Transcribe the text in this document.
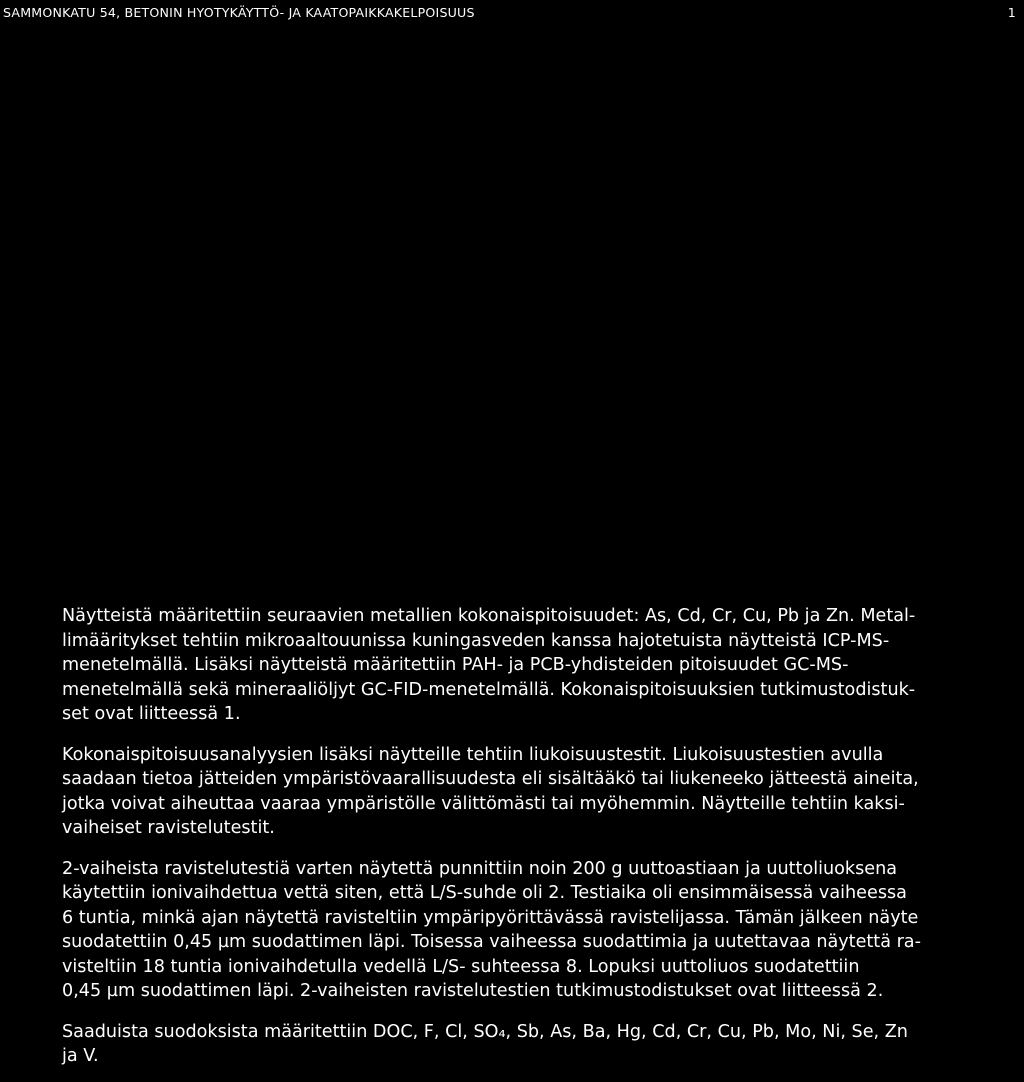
SAMMONKATU 54, BETONIN HYOTYKÄYTTÖ- JA KAATOPAIKKAKELPOISUUS	1

Näytteistä määritettiin seuraavien metallien kokonaispitoisuudet: As, Cd, Cr, Cu, Pb ja Zn. Metal-
limääritykset tehtiin mikroaaltouunissa kuningasveden kanssa hajotetuista näytteistä ICP-MS-
menetelmällä. Lisäksi näytteistä määritettiin PAH- ja PCB-yhdisteiden pitoisuudet GC-MS-
menetelmällä sekä mineraaliöljyt GC-FID-menetelmällä. Kokonaispitoisuuksien tutkimustodistuk-
set ovat liitteessä 1.

Kokonaispitoisuusanalyysien lisäksi näytteille tehtiin liukoisuustestit. Liukoisuustestien avulla
saadaan tietoa jätteiden ympäristövaarallisuudesta eli sisältääkö tai liukeneeko jätteestä aineita,
jotka voivat aiheuttaa vaaraa ympäristölle välittömästi tai myöhemmin. Näytteille tehtiin kaksi-
vaiheiset ravistelutestit.

2-vaiheista ravistelutestiä varten näytettä punnittiin noin 200 g uuttoastiaan ja uuttoliuoksena
käytettiin ionivaihdettua vettä siten, että L/S-suhde oli 2. Testiaika oli ensimmäisessä vaiheessa
6 tuntia, minkä ajan näytettä ravisteltiin ympäripyörittävässä ravistelijassa. Tämän jälkeen näyte
suodatettiin 0,45 µm suodattimen läpi. Toisessa vaiheessa suodattimia ja uutettavaa näytettä ra-
visteltiin 18 tuntia ionivaihdetulla vedellä L/S- suhteessa 8. Lopuksi uuttoliuos suodatettiin
0,45 µm suodattimen läpi. 2-vaiheisten ravistelutestien tutkimustodistukset ovat liitteessä 2.

Saaduista suodoksista määritettiin DOC, F, Cl, SO₄, Sb, As, Ba, Hg, Cd, Cr, Cu, Pb, Mo, Ni, Se, Zn
ja V.
